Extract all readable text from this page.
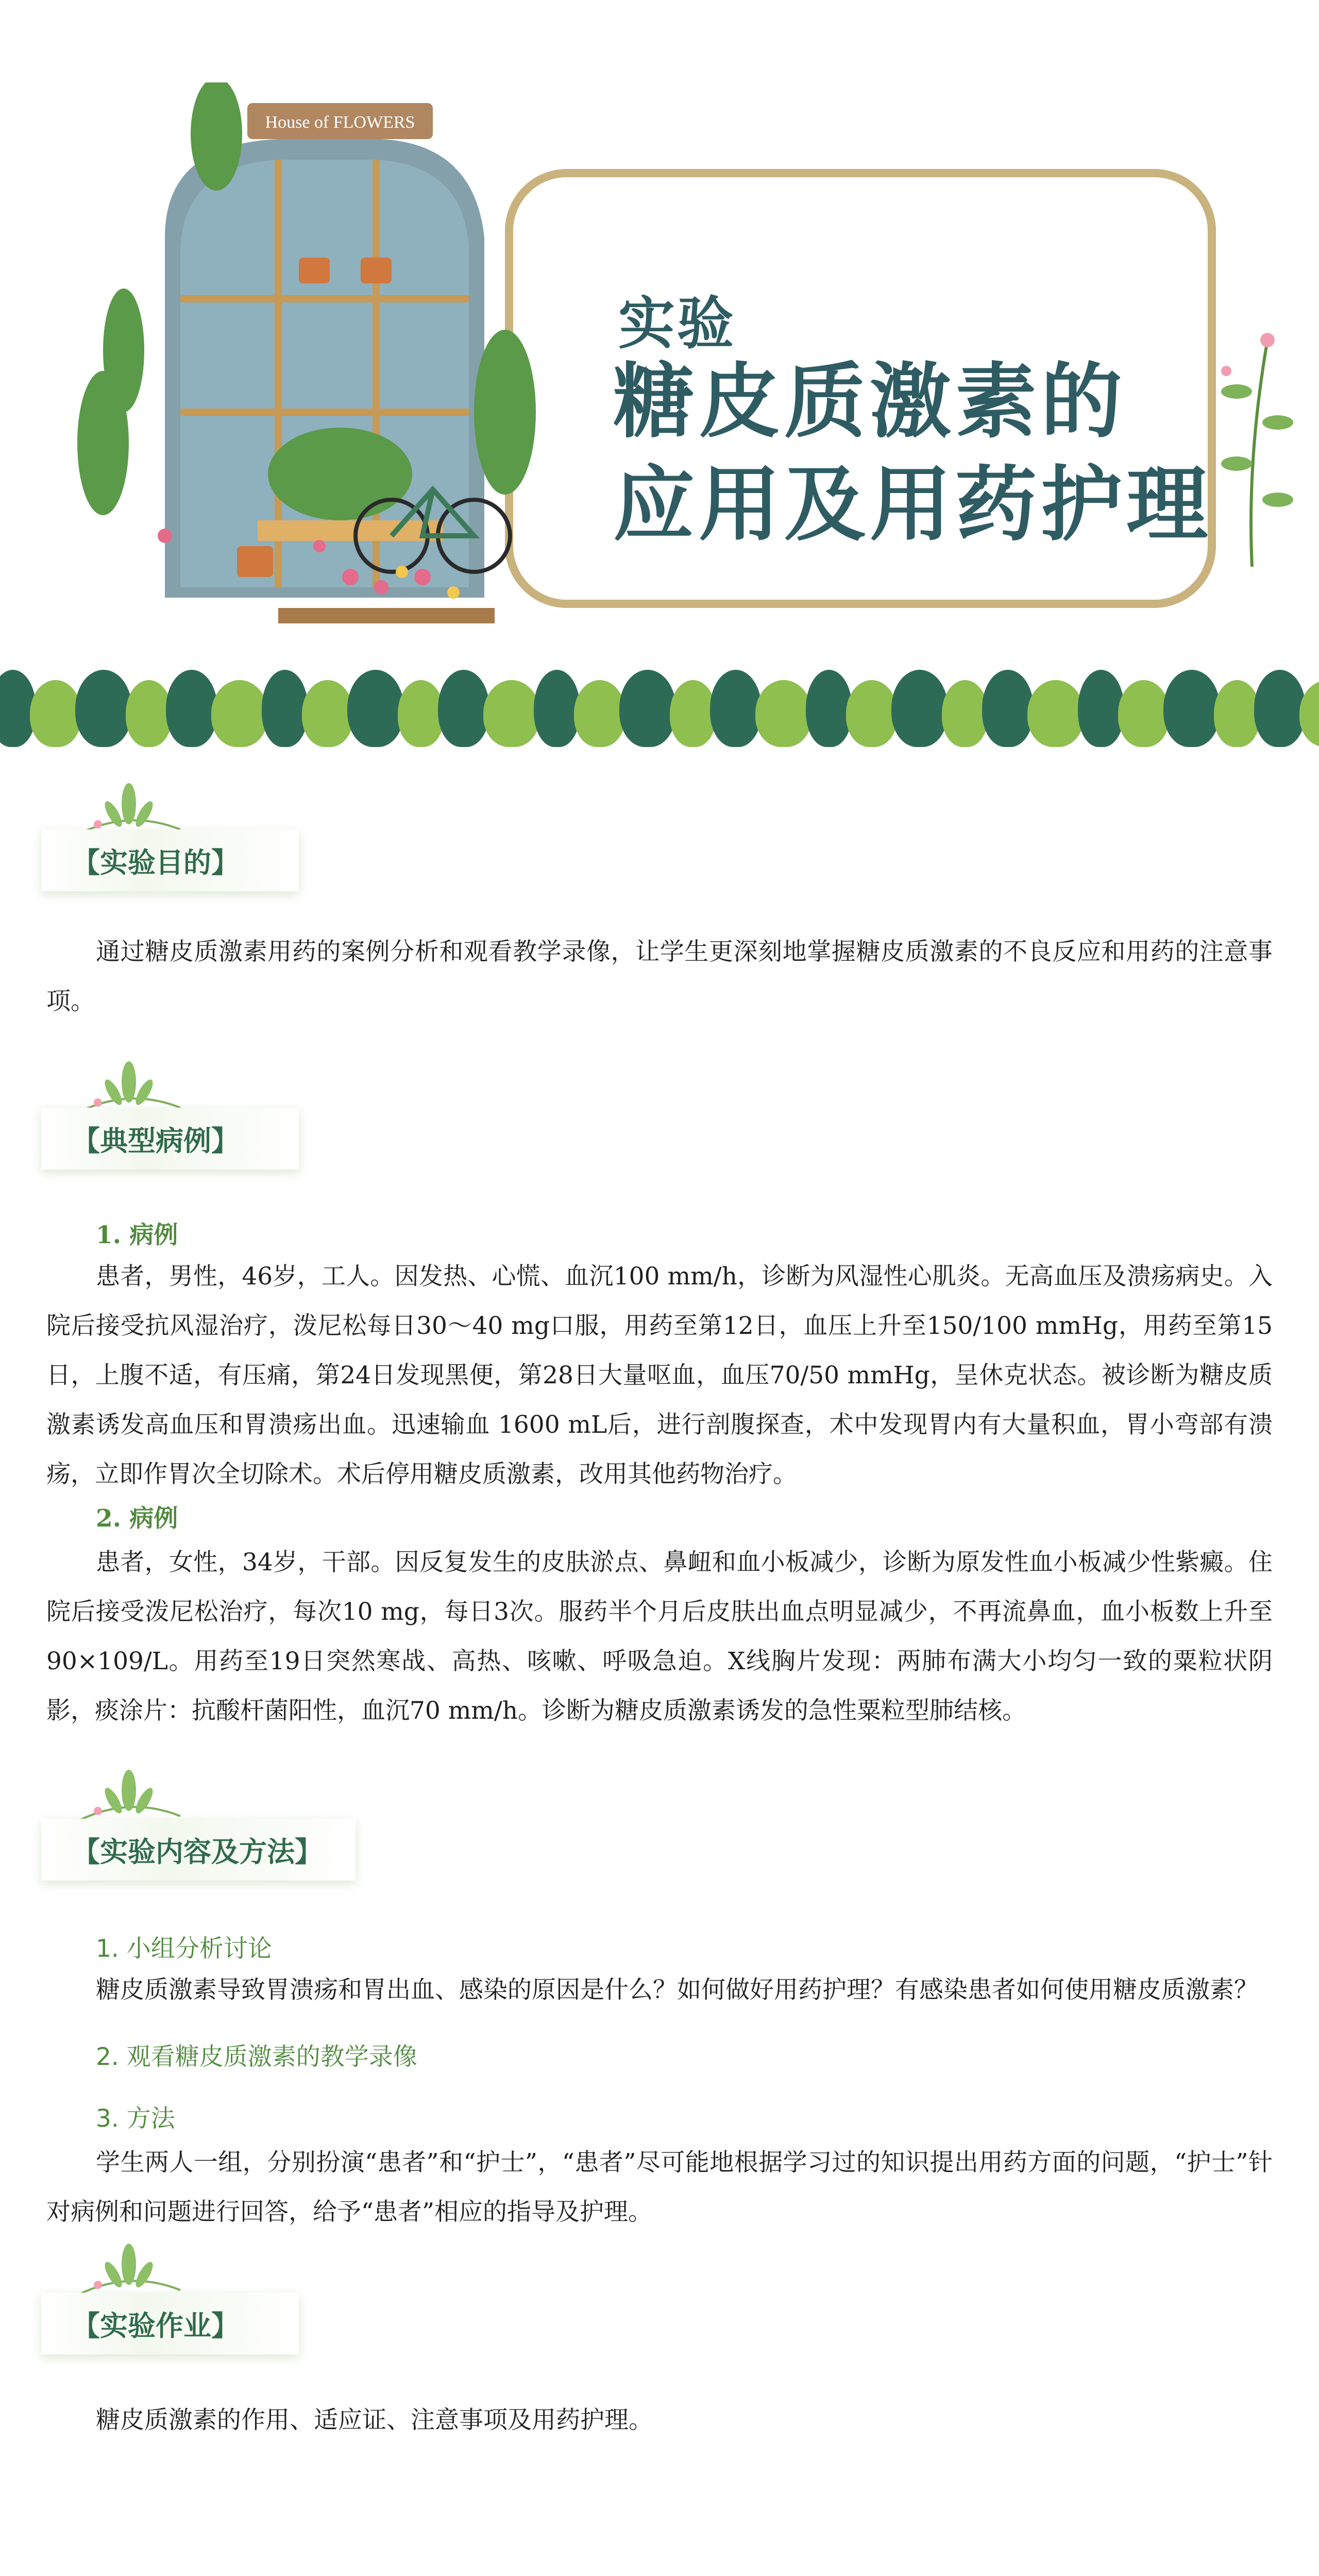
House of FLOWERS
实验
糖皮质激素的
应用及用药护理
【实验目的】
通过糖皮质激素用药的案例分析和观看教学录像，让学生更深刻地掌握糖皮质激素的不良反应和用药的注意事项。
【典型病例】
1. 病例
患者，男性，46岁，工人。因发热、心慌、血沉100 mm/h，诊断为风湿性心肌炎。无高血压及溃疡病史。入院后接受抗风湿治疗，泼尼松每日30～40 mg口服，用药至第12日，血压上升至150/100 mmHg，用药至第15日，上腹不适，有压痛，第24日发现黑便，第28日大量呕血，血压70/50 mmHg，呈休克状态。被诊断为糖皮质激素诱发高血压和胃溃疡出血。迅速输血 1600 mL后，进行剖腹探查，术中发现胃内有大量积血，胃小弯部有溃疡，立即作胃次全切除术。术后停用糖皮质激素，改用其他药物治疗。
2. 病例
患者，女性，34岁，干部。因反复发生的皮肤淤点、鼻衄和血小板减少，诊断为原发性血小板减少性紫癜。住院后接受泼尼松治疗，每次10 mg，每日3次。服药半个月后皮肤出血点明显减少，不再流鼻血，血小板数上升至90×109/L。用药至19日突然寒战、高热、咳嗽、呼吸急迫。X线胸片发现：两肺布满大小均匀一致的粟粒状阴影，痰涂片：抗酸杆菌阳性，血沉70 mm/h。诊断为糖皮质激素诱发的急性粟粒型肺结核。
【实验内容及方法】
1. 小组分析讨论
糖皮质激素导致胃溃疡和胃出血、感染的原因是什么？如何做好用药护理？有感染患者如何使用糖皮质激素？
2. 观看糖皮质激素的教学录像
3. 方法
学生两人一组，分别扮演“患者”和“护士”，“患者”尽可能地根据学习过的知识提出用药方面的问题，“护士”针对病例和问题进行回答，给予“患者”相应的指导及护理。
【实验作业】
糖皮质激素的作用、适应证、注意事项及用药护理。
